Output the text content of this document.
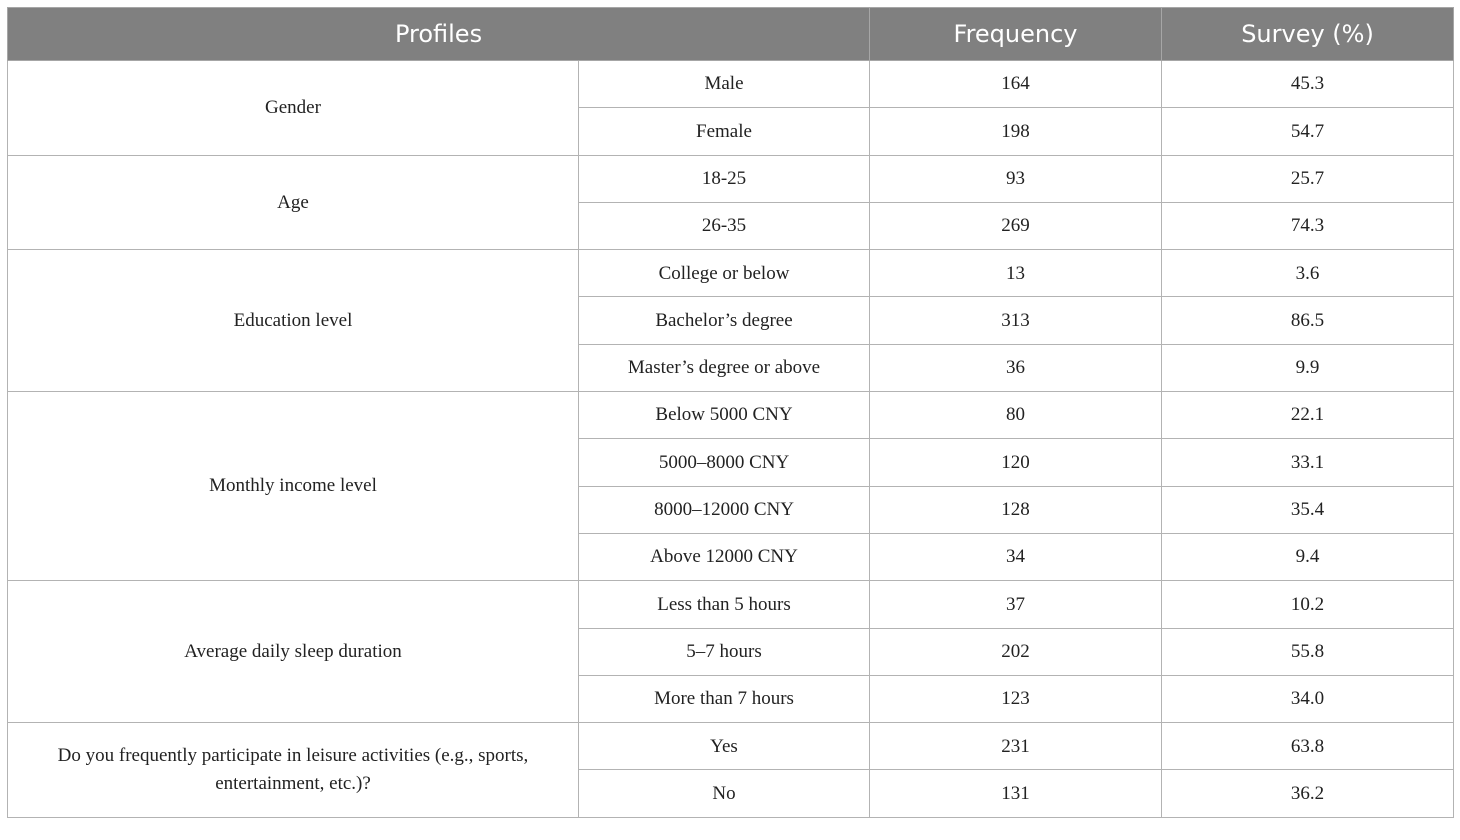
Profiles		Frequency	Survey (%)
Gender	Male	164	45.3
	Female	198	54.7
Age	18-25	93	25.7
	26-35	269	74.3
Education level	College or below	13	3.6
	Bachelor’s degree	313	86.5
	Master’s degree or above	36	9.9
Monthly income level	Below 5000 CNY	80	22.1
	5000–8000 CNY	120	33.1
	8000–12000 CNY	128	35.4
	Above 12000 CNY	34	9.4
Average daily sleep duration	Less than 5 hours	37	10.2
	5–7 hours	202	55.8
	More than 7 hours	123	34.0
Do you frequently participate in leisure activities (e.g., sports, entertainment, etc.)?	Yes	231	63.8
	No	131	36.2
